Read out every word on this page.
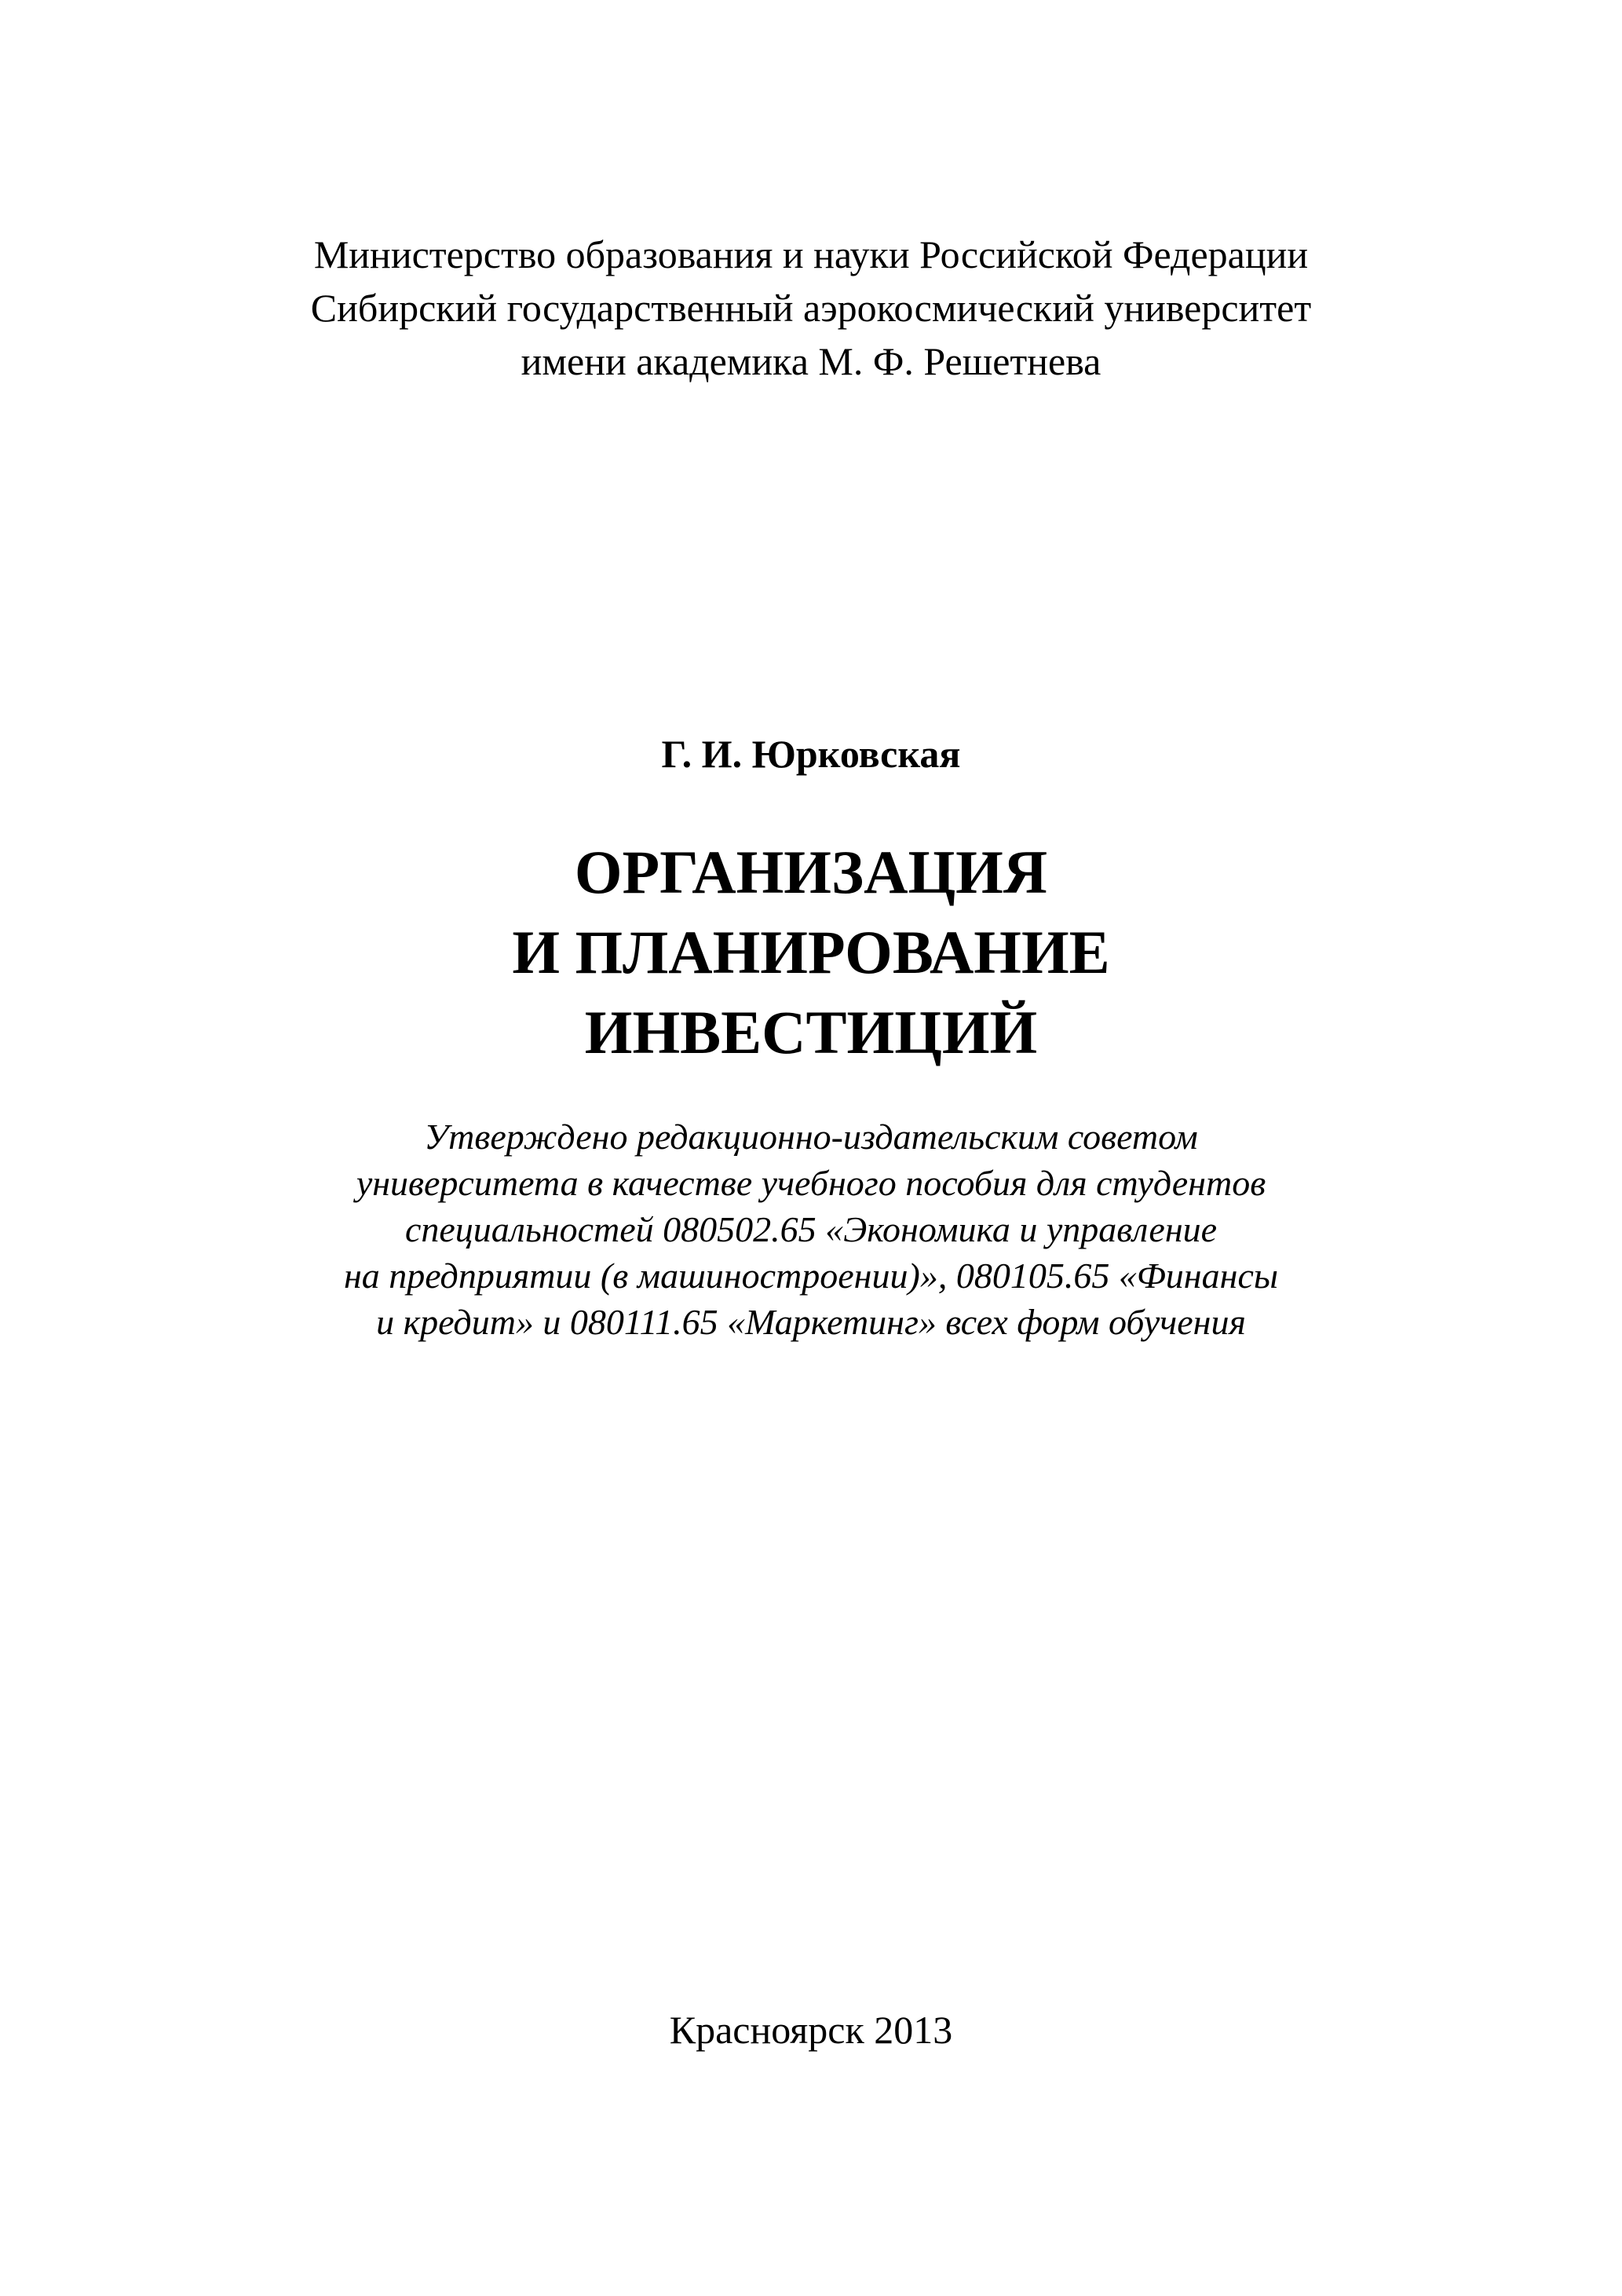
Министерство образования и науки Российской Федерации
Сибирский государственный аэрокосмический университет
имени академика М. Ф. Решетнева
Г. И. Юрковская
ОРГАНИЗАЦИЯ
И ПЛАНИРОВАНИЕ
ИНВЕСТИЦИЙ
Утверждено редакционно-издательским советом
университета в качестве учебного пособия для студентов
специальностей 080502.65 «Экономика и управление
на предприятии (в машиностроении)», 080105.65 «Финансы
и кредит» и 080111.65 «Маркетинг» всех форм обучения
Красноярск 2013
